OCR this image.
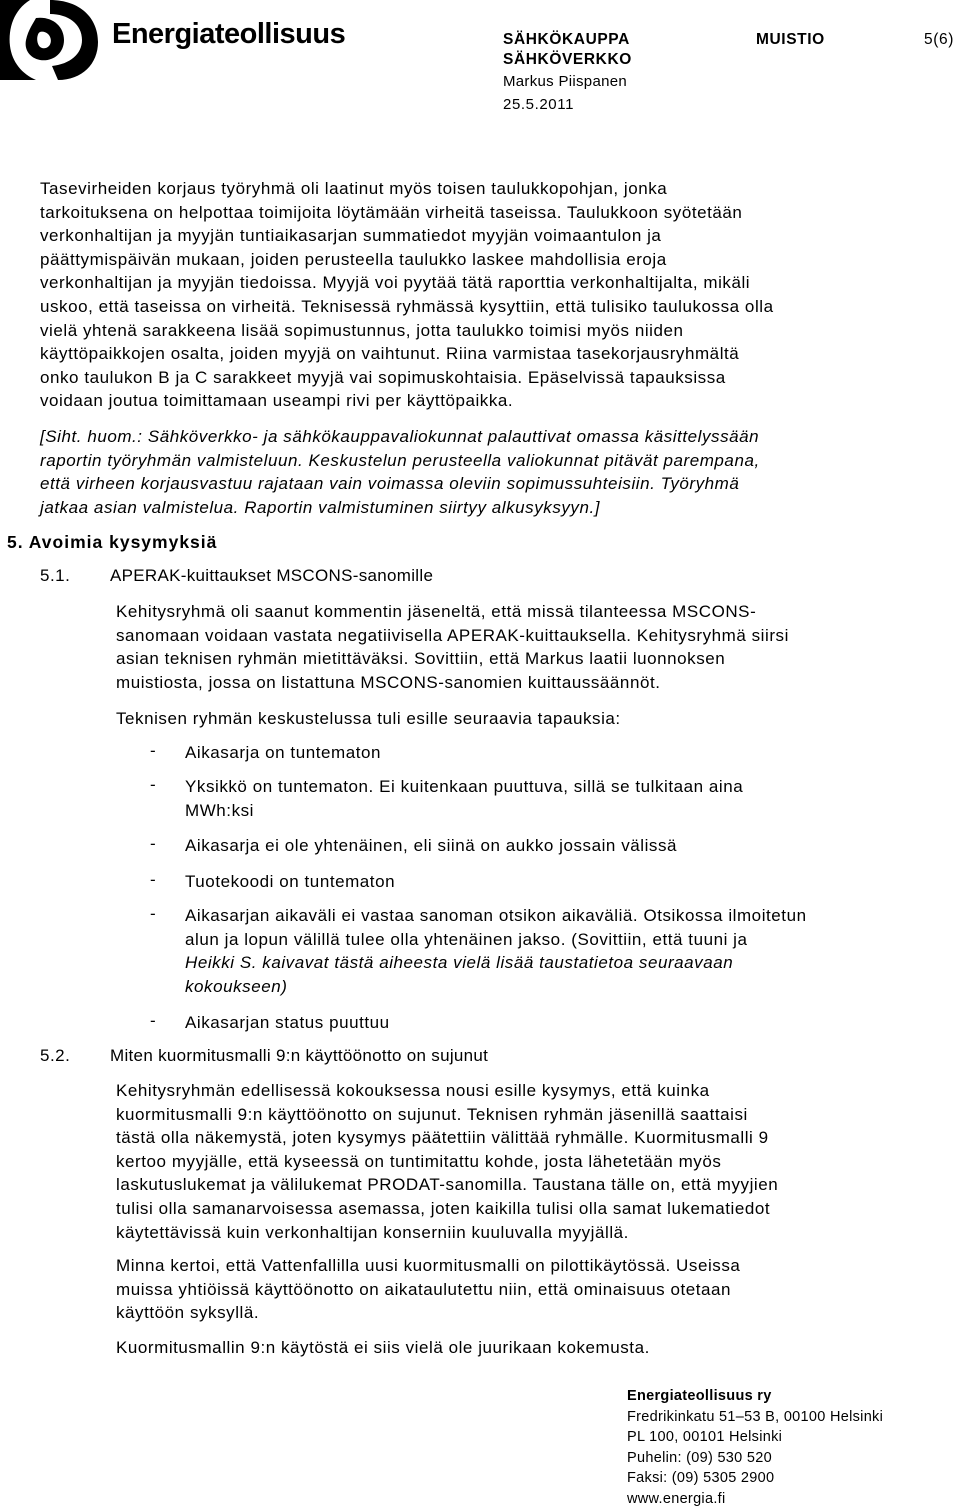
Energiateollisuus	SÄHKÖKAUPPA
SÄHKÖVERKKO
Markus Piispanen
25.5.2011
MUISTIO	5(6)
Tasevirheiden korjaus työryhmä oli laatinut myös toisen taulukkopohjan, jonka
tarkoituksena on helpottaa toimijoita löytämään virheitä taseissa. Taulukkoon syötetään
verkonhaltijan ja myyjän tuntiaikasarjan summatiedot myyjän voimaantulon ja
päättymispäivän mukaan, joiden perusteella taulukko laskee mahdollisia eroja
verkonhaltijan ja myyjän tiedoissa. Myyjä voi pyytää tätä raporttia verkonhaltijalta, mikäli
uskoo, että taseissa on virheitä. Teknisessä ryhmässä kysyttiin, että tulisiko taulukossa olla
vielä yhtenä sarakkeena lisää sopimustunnus, jotta taulukko toimisi myös niiden
käyttöpaikkojen osalta, joiden myyjä on vaihtunut. Riina varmistaa tasekorjausryhmältä
onko taulukon B ja C sarakkeet myyjä vai sopimuskohtaisia. Epäselvissä tapauksissa
voidaan joutua toimittamaan useampi rivi per käyttöpaikka.
[Siht. huom.: Sähköverkko- ja sähkökauppavaliokunnat palauttivat omassa käsittelyssään
raportin työryhmän valmisteluun. Keskustelun perusteella valiokunnat pitävät parempana,
että virheen korjausvastuu rajataan vain voimassa oleviin sopimussuhteisiin. Työryhmä
jatkaa asian valmistelua. Raportin valmistuminen siirtyy alkusyksyyn.]
5. Avoimia kysymyksiä
5.1. APERAK-kuittaukset MSCONS-sanomille
Kehitysryhmä oli saanut kommentin jäseneltä, että missä tilanteessa MSCONS-
sanomaan voidaan vastata negatiivisella APERAK-kuittauksella. Kehitysryhmä siirsi
asian teknisen ryhmän mietittäväksi. Sovittiin, että Markus laatii luonnoksen
muistiosta, jossa on listattuna MSCONS-sanomien kuittaussäännöt.
Teknisen ryhmän keskustelussa tuli esille seuraavia tapauksia:
- Aikasarja on tuntematon
- Yksikkö on tuntematon. Ei kuitenkaan puuttuva, sillä se tulkitaan aina
MWh:ksi
- Aikasarja ei ole yhtenäinen, eli siinä on aukko jossain välissä
- Tuotekoodi on tuntematon
- Aikasarjan aikaväli ei vastaa sanoman otsikon aikaväliä. Otsikossa ilmoitetun
alun ja lopun välillä tulee olla yhtenäinen jakso. (Sovittiin, että tuuni ja
Heikki S. kaivavat tästä aiheesta vielä lisää taustatietoa seuraavaan
kokoukseen)
- Aikasarjan status puuttuu
5.2. Miten kuormitusmalli 9:n käyttöönotto on sujunut
Kehitysryhmän edellisessä kokouksessa nousi esille kysymys, että kuinka
kuormitusmalli 9:n käyttöönotto on sujunut. Teknisen ryhmän jäsenillä saattaisi
tästä olla näkemystä, joten kysymys päätettiin välittää ryhmälle. Kuormitusmalli 9
kertoo myyjälle, että kyseessä on tuntimitattu kohde, josta lähetetään myös
laskutuslukemat ja välilukemat PRODAT-sanomilla. Taustana tälle on, että myyjien
tulisi olla samanarvoisessa asemassa, joten kaikilla tulisi olla samat lukematiedot
käytettävissä kuin verkonhaltijan konserniin kuuluvalla myyjällä.
Minna kertoi, että Vattenfallilla uusi kuormitusmalli on pilottikäytössä. Useissa
muissa yhtiöissä käyttöönotto on aikataulutettu niin, että ominaisuus otetaan
käyttöön syksyllä.
Kuormitusmallin 9:n käytöstä ei siis vielä ole juurikaan kokemusta.
Energiateollisuus ry
Fredrikinkatu 51–53 B, 00100 Helsinki
PL 100, 00101 Helsinki
Puhelin: (09) 530 520
Faksi: (09) 5305 2900
www.energia.fi
